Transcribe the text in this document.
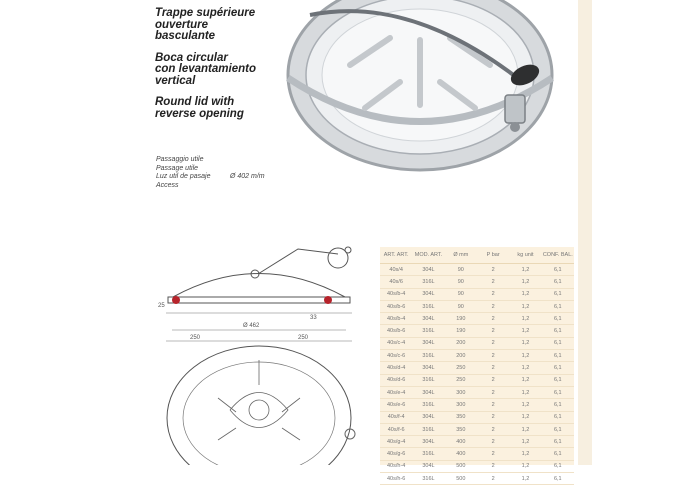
Trappe supérieure
ouverture
basculante
Boca circular
con levantamiento
vertical
Round lid with
reverse opening
Passaggio utile
Passage utile
Luz util de pasaje
Access
Ø 402 m/m
Ø 462
250	250
25
33
ART. ART.	MOD. ART.	Ø mm	P bar	kg unit	CONF. BAL.
40s/4	304L	90	2	1,2	6,1
40s/6	316L	90	2	1,2	6,1
40s/b-4	304L	90	2	1,2	6,1
40s/b-6	316L	90	2	1,2	6,1
40s/b-4	304L	190	2	1,2	6,1
40s/b-6	316L	190	2	1,2	6,1
40s/c-4	304L	200	2	1,2	6,1
40s/c-6	316L	200	2	1,2	6,1
40s/d-4	304L	250	2	1,2	6,1
40s/d-6	316L	250	2	1,2	6,1
40s/e-4	304L	300	2	1,2	6,1
40s/e-6	316L	300	2	1,2	6,1
40s/f-4	304L	350	2	1,2	6,1
40s/f-6	316L	350	2	1,2	6,1
40s/g-4	304L	400	2	1,2	6,1
40s/g-6	316L	400	2	1,2	6,1
40s/h-4	304L	500	2	1,2	6,1
40s/h-6	316L	500	2	1,2	6,1
